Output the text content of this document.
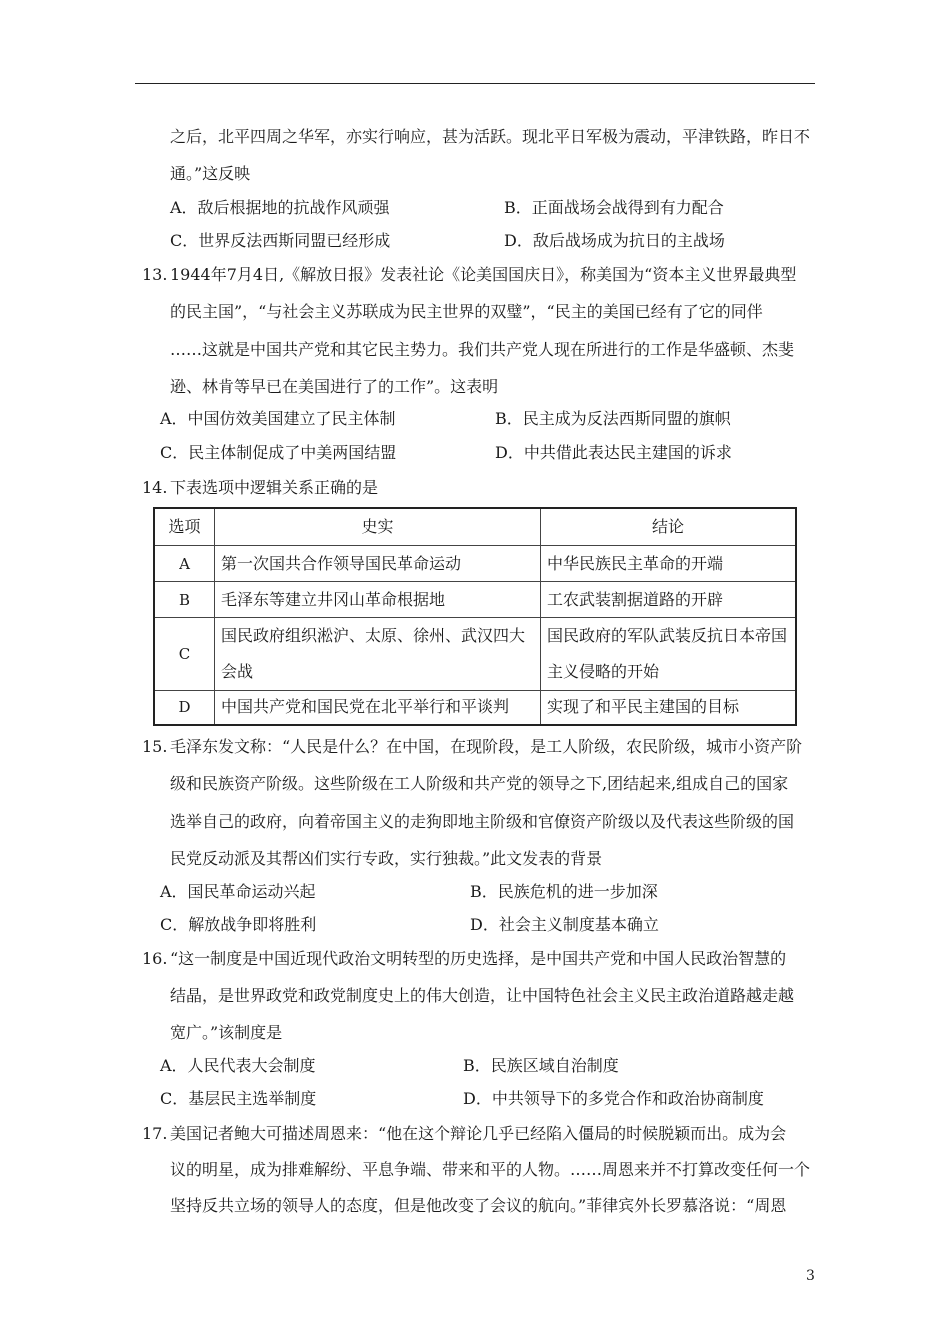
之后，北平四周之华军，亦实行响应，甚为活跃。现北平日军极为震动，平津铁路，昨日不
通。”这反映
A．敌后根据地的抗战作风顽强	B．正面战场会战得到有力配合
C．世界反法西斯同盟已经形成	D．敌后战场成为抗日的主战场
13. 1944年7月4日,《解放日报》发表社论《论美国国庆日》，称美国为“资本主义世界最典型
的民主国”，“与社会主义苏联成为民主世界的双璧”，“民主的美国已经有了它的同伴
……这就是中国共产党和其它民主势力。我们共产党人现在所进行的工作是华盛顿、杰斐
逊、林肯等早已在美国进行了的工作”。这表明
A．中国仿效美国建立了民主体制	B．民主成为反法西斯同盟的旗帜
C．民主体制促成了中美两国结盟	D．中共借此表达民主建国的诉求
14. 下表选项中逻辑关系正确的是
选项	史实	结论
A	第一次国共合作领导国民革命运动	中华民族民主革命的开端
B	毛泽东等建立井冈山革命根据地	工农武装割据道路的开辟
C	国民政府组织淞沪、太原、徐州、武汉四大会战	国民政府的军队武装反抗日本帝国主义侵略的开始
D	中国共产党和国民党在北平举行和平谈判	实现了和平民主建国的目标
15. 毛泽东发文称：“人民是什么？在中国，在现阶段，是工人阶级，农民阶级，城市小资产阶
级和民族资产阶级。这些阶级在工人阶级和共产党的领导之下,团结起来,组成自己的国家
选举自己的政府，向着帝国主义的走狗即地主阶级和官僚资产阶级以及代表这些阶级的国
民党反动派及其帮凶们实行专政，实行独裁。”此文发表的背景
A．国民革命运动兴起	B．民族危机的进一步加深
C．解放战争即将胜利	D．社会主义制度基本确立
16. “这一制度是中国近现代政治文明转型的历史选择，是中国共产党和中国人民政治智慧的
结晶，是世界政党和政党制度史上的伟大创造，让中国特色社会主义民主政治道路越走越
宽广。”该制度是
A．人民代表大会制度	B．民族区域自治制度
C．基层民主选举制度	D．中共领导下的多党合作和政治协商制度
17. 美国记者鲍大可描述周恩来：“他在这个辩论几乎已经陷入僵局的时候脱颖而出。成为会
议的明星，成为排难解纷、平息争端、带来和平的人物。……周恩来并不打算改变任何一个
坚持反共立场的领导人的态度，但是他改变了会议的航向。”菲律宾外长罗慕洛说：“周恩
3
